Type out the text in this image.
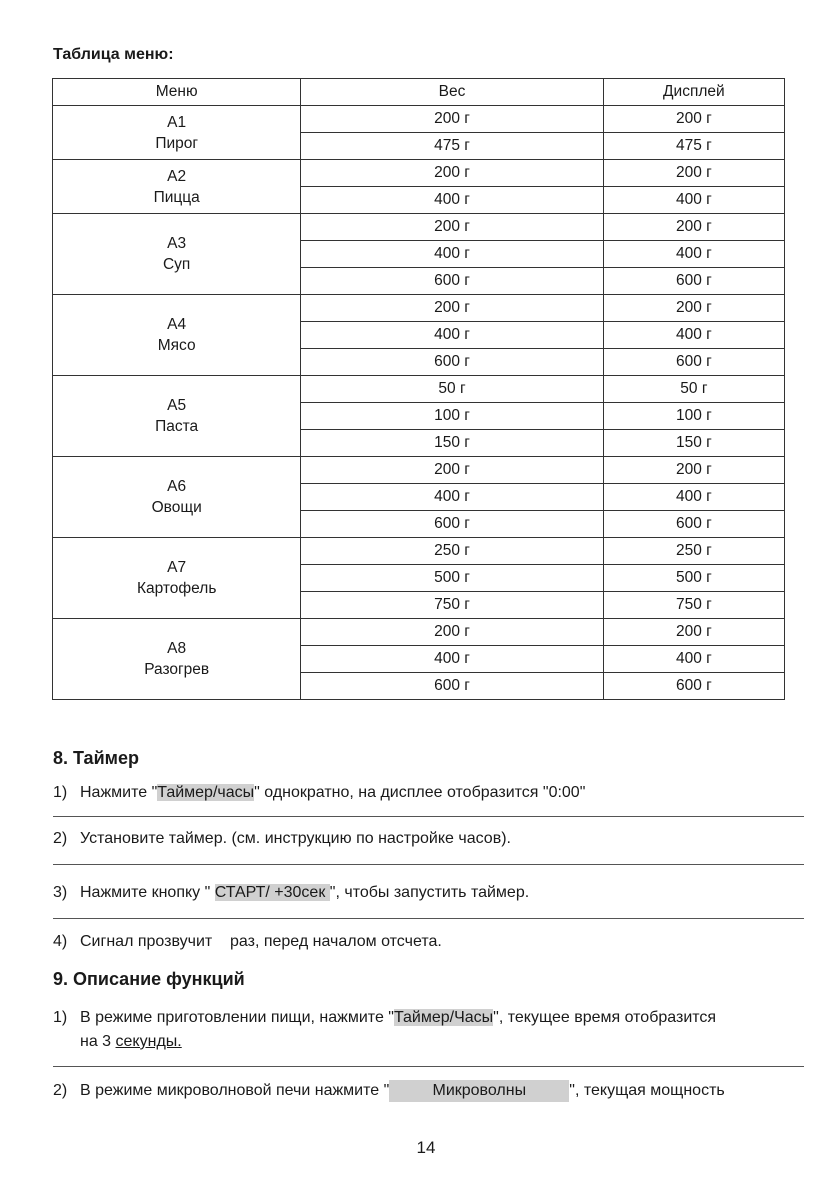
Таблица меню:
Меню	Вес	Дисплей

A1
Пирог	200 г	200 г
	475 г	475 г

A2
Пицца	200 г	200 г
	400 г	400 г

A3
Суп	200 г	200 г
	400 г	400 г
	600 г	600 г

A4
Мясо	200 г	200 г
	400 г	400 г
	600 г	600 г

A5
Паста	50 г	50 г
	100 г	100 г
	150 г	150 г

A6
Овощи	200 г	200 г
	400 г	400 г
	600 г	600 г

A7
Картофель	250 г	250 г
	500 г	500 г
	750 г	750 г

A8
Разогрев	200 г	200 г
	400 г	400 г
	600 г	600 г
8. Таймер
1) Нажмите "Таймер/часы" однократно, на дисплее отобразится "0:00"
2) Установите таймер. (см. инструкцию по настройке часов).
3) Нажмите кнопку " СТАРТ/ +30сек ", чтобы запустить таймер.
4) Сигнал прозвучит    раз, перед началом отсчета.
9. Описание функций
1) В режиме приготовлении пищи, нажмите "Таймер/Часы", текущее время отобразится
на 3 секунды.
2) В режиме микроволновой печи нажмите "	Микроволны	", текущая мощность
14
